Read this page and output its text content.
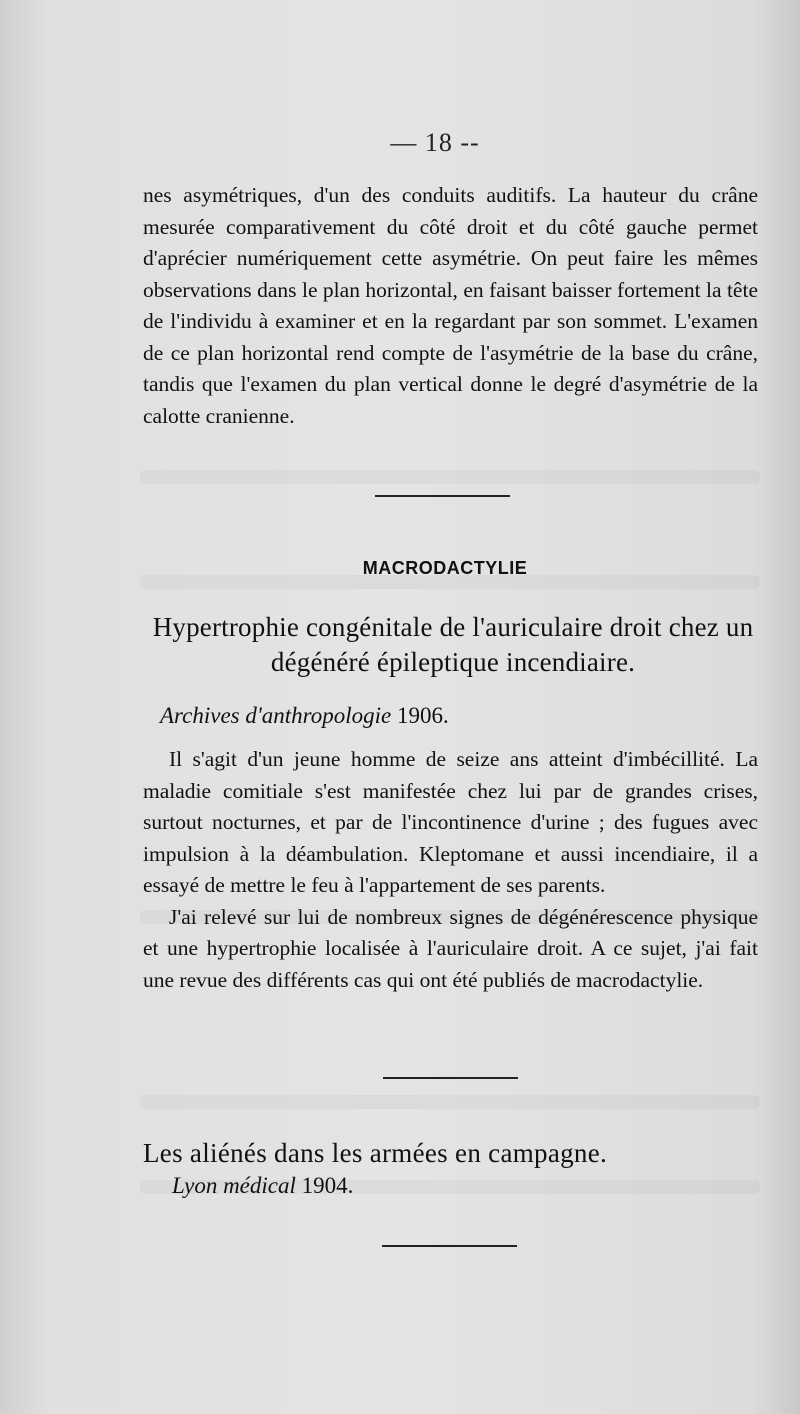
— 18 --

nes asymétriques, d'un des conduits auditifs. La hauteur du crâne mesurée comparativement du côté droit et du côté gauche permet d'aprécier numériquement cette asymétrie. On peut faire les mêmes observations dans le plan horizontal, en faisant baisser fortement la tête de l'individu à examiner et en la regardant par son sommet. L'examen de ce plan horizontal rend compte de l'asymétrie de la base du crâne, tandis que l'examen du plan vertical donne le degré d'asymétrie de la calotte cranienne.

MACRODACTYLIE
Hypertrophie congénitale de l'auriculaire droit chez un dégénéré épileptique incendiaire.
Archives d'anthropologie 1906.

Il s'agit d'un jeune homme de seize ans atteint d'imbécillité. La maladie comitiale s'est manifestée chez lui par de grandes crises, surtout nocturnes, et par de l'incontinence d'urine ; des fugues avec impulsion à la déambulation. Kleptomane et aussi incendiaire, il a essayé de mettre le feu à l'appartement de ses parents.

J'ai relevé sur lui de nombreux signes de dégénérescence physique et une hypertrophie localisée à l'auriculaire droit. A ce sujet, j'ai fait une revue des différents cas qui ont été publiés de macrodactylie.

Les aliénés dans les armées en campagne.
Lyon médical 1904.
